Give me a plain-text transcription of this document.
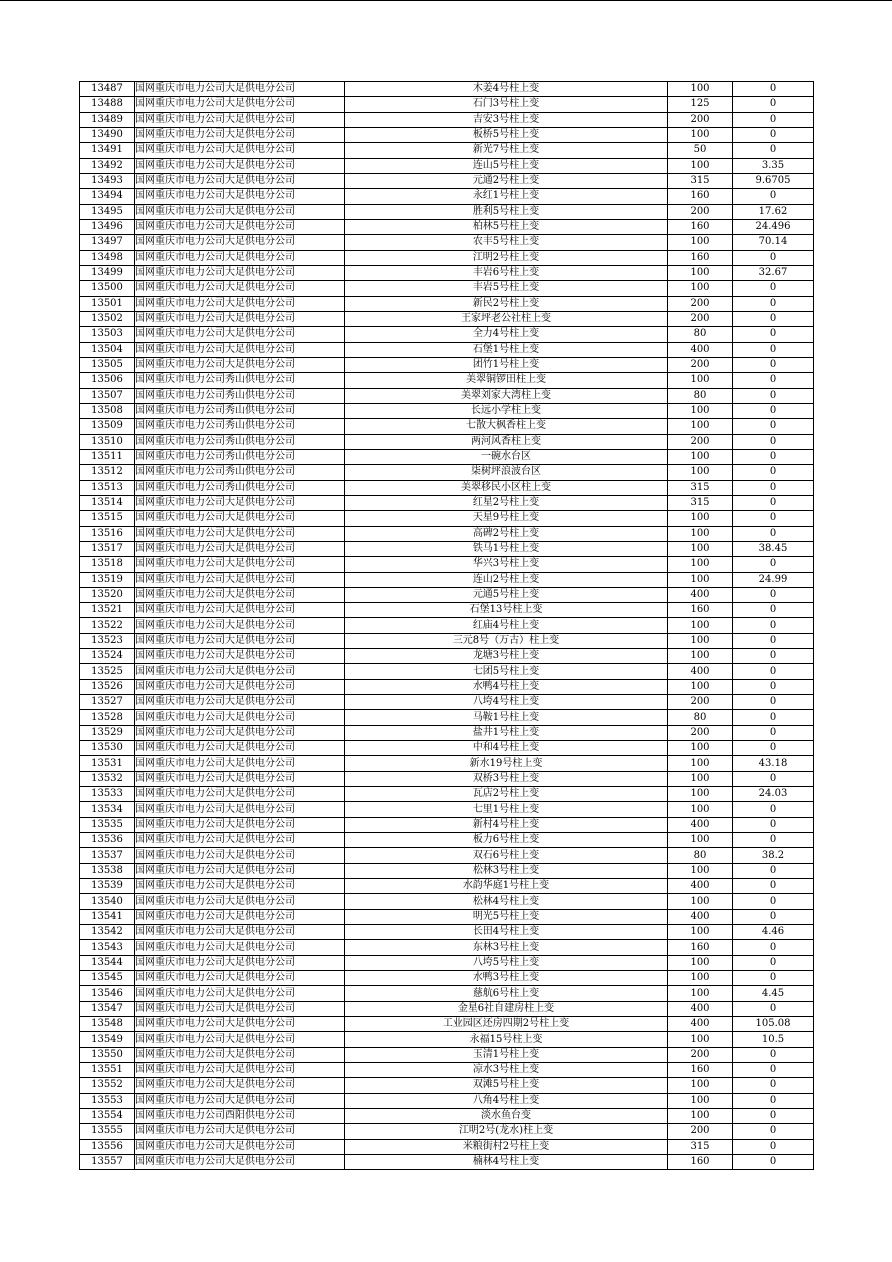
13487	国网重庆市电力公司大足供电分公司	木姜4号柱上变	100	0
13488	国网重庆市电力公司大足供电分公司	石门3号柱上变	125	0
13489	国网重庆市电力公司大足供电分公司	吉安3号柱上变	200	0
13490	国网重庆市电力公司大足供电分公司	板桥5号柱上变	100	0
13491	国网重庆市电力公司大足供电分公司	新光7号柱上变	50	0
13492	国网重庆市电力公司大足供电分公司	连山5号柱上变	100	3.35
13493	国网重庆市电力公司大足供电分公司	元通2号柱上变	315	9.6705
13494	国网重庆市电力公司大足供电分公司	永红1号柱上变	160	0
13495	国网重庆市电力公司大足供电分公司	胜利5号柱上变	200	17.62
13496	国网重庆市电力公司大足供电分公司	柏林5号柱上变	160	24.496
13497	国网重庆市电力公司大足供电分公司	农丰5号柱上变	100	70.14
13498	国网重庆市电力公司大足供电分公司	江明2号柱上变	160	0
13499	国网重庆市电力公司大足供电分公司	丰岩6号柱上变	100	32.67
13500	国网重庆市电力公司大足供电分公司	丰岩5号柱上变	100	0
13501	国网重庆市电力公司大足供电分公司	新民2号柱上变	200	0
13502	国网重庆市电力公司大足供电分公司	王家坪老公社柱上变	200	0
13503	国网重庆市电力公司大足供电分公司	全力4号柱上变	80	0
13504	国网重庆市电力公司大足供电分公司	石堡1号柱上变	400	0
13505	国网重庆市电力公司大足供电分公司	团竹1号柱上变	200	0
13506	国网重庆市电力公司秀山供电分公司	美翠铜锣田柱上变	100	0
13507	国网重庆市电力公司秀山供电分公司	美翠刘家大湾柱上变	80	0
13508	国网重庆市电力公司秀山供电分公司	长远小学柱上变	100	0
13509	国网重庆市电力公司秀山供电分公司	七散大枫香柱上变	100	0
13510	国网重庆市电力公司秀山供电分公司	两河风香柱上变	200	0
13511	国网重庆市电力公司秀山供电分公司	一碗水台区	100	0
13512	国网重庆市电力公司秀山供电分公司	柒树坪浪波台区	100	0
13513	国网重庆市电力公司秀山供电分公司	美翠移民小区柱上变	315	0
13514	国网重庆市电力公司大足供电分公司	红星2号柱上变	315	0
13515	国网重庆市电力公司大足供电分公司	天星9号柱上变	100	0
13516	国网重庆市电力公司大足供电分公司	高碑2号柱上变	100	0
13517	国网重庆市电力公司大足供电分公司	铁马1号柱上变	100	38.45
13518	国网重庆市电力公司大足供电分公司	华兴3号柱上变	100	0
13519	国网重庆市电力公司大足供电分公司	连山2号柱上变	100	24.99
13520	国网重庆市电力公司大足供电分公司	元通5号柱上变	400	0
13521	国网重庆市电力公司大足供电分公司	石堡13号柱上变	160	0
13522	国网重庆市电力公司大足供电分公司	红庙4号柱上变	100	0
13523	国网重庆市电力公司大足供电分公司	三元8号（万古）柱上变	100	0
13524	国网重庆市电力公司大足供电分公司	龙塘3号柱上变	100	0
13525	国网重庆市电力公司大足供电分公司	七团5号柱上变	400	0
13526	国网重庆市电力公司大足供电分公司	水鸭4号柱上变	100	0
13527	国网重庆市电力公司大足供电分公司	八垮4号柱上变	200	0
13528	国网重庆市电力公司大足供电分公司	马鞍1号柱上变	80	0
13529	国网重庆市电力公司大足供电分公司	盐井1号柱上变	200	0
13530	国网重庆市电力公司大足供电分公司	中和4号柱上变	100	0
13531	国网重庆市电力公司大足供电分公司	新水19号柱上变	100	43.18
13532	国网重庆市电力公司大足供电分公司	双桥3号柱上变	100	0
13533	国网重庆市电力公司大足供电分公司	瓦店2号柱上变	100	24.03
13534	国网重庆市电力公司大足供电分公司	七里1号柱上变	100	0
13535	国网重庆市电力公司大足供电分公司	新村4号柱上变	400	0
13536	国网重庆市电力公司大足供电分公司	板力6号柱上变	100	0
13537	国网重庆市电力公司大足供电分公司	双石6号柱上变	80	38.2
13538	国网重庆市电力公司大足供电分公司	松林3号柱上变	100	0
13539	国网重庆市电力公司大足供电分公司	水韵华庭1号柱上变	400	0
13540	国网重庆市电力公司大足供电分公司	松林4号柱上变	100	0
13541	国网重庆市电力公司大足供电分公司	明光5号柱上变	400	0
13542	国网重庆市电力公司大足供电分公司	长田4号柱上变	100	4.46
13543	国网重庆市电力公司大足供电分公司	东林3号柱上变	160	0
13544	国网重庆市电力公司大足供电分公司	八垮5号柱上变	100	0
13545	国网重庆市电力公司大足供电分公司	水鸭3号柱上变	100	0
13546	国网重庆市电力公司大足供电分公司	慈航6号柱上变	100	4.45
13547	国网重庆市电力公司大足供电分公司	金星6社自建房柱上变	400	0
13548	国网重庆市电力公司大足供电分公司	工业园区还房四期2号柱上变	400	105.08
13549	国网重庆市电力公司大足供电分公司	永福15号柱上变	100	10.5
13550	国网重庆市电力公司大足供电分公司	玉清1号柱上变	200	0
13551	国网重庆市电力公司大足供电分公司	凉水3号柱上变	160	0
13552	国网重庆市电力公司大足供电分公司	双滩5号柱上变	100	0
13553	国网重庆市电力公司大足供电分公司	八角4号柱上变	100	0
13554	国网重庆市电力公司酉阳供电分公司	淡水鱼台变	100	0
13555	国网重庆市电力公司大足供电分公司	江明2号(龙水)柱上变	200	0
13556	国网重庆市电力公司大足供电分公司	米粮街村2号柱上变	315	0
13557	国网重庆市电力公司大足供电分公司	楠林4号柱上变	160	0
